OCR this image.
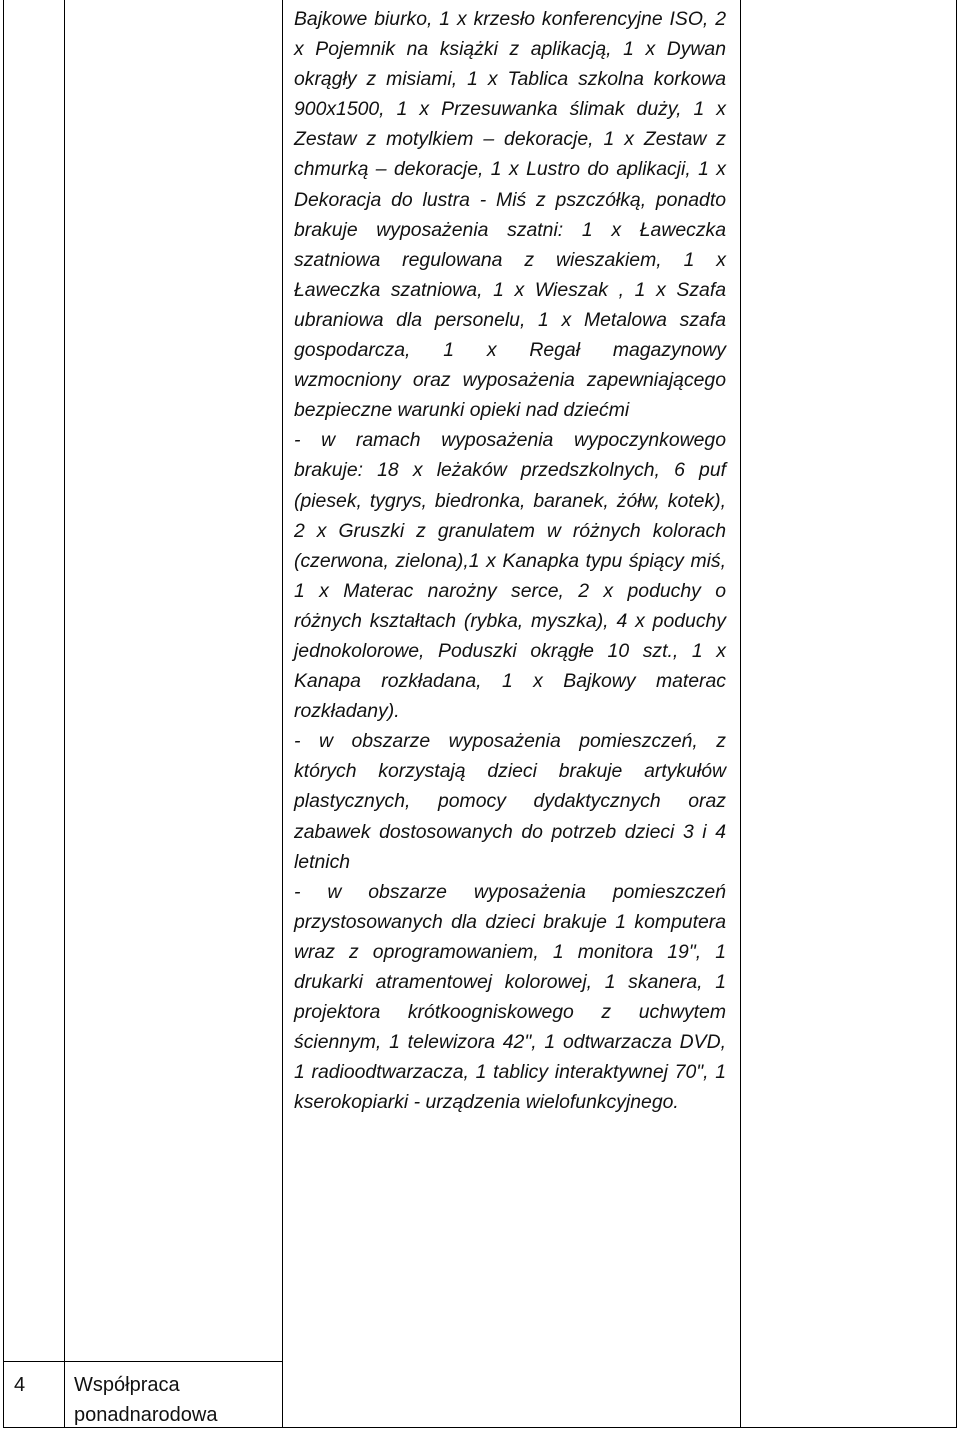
Bajkowe biurko, 1 x krzesło konferencyjne ISO, 2 x Pojemnik na książki z aplikacją, 1 x Dywan okrągły z misiami, 1 x Tablica szkolna korkowa 900x1500, 1 x Przesuwanka ślimak duży, 1 x Zestaw z motylkiem – dekoracje, 1 x Zestaw z chmurką – dekoracje, 1 x Lustro do aplikacji, 1 x Dekoracja do lustra - Miś z pszczółką, ponadto brakuje wyposażenia szatni: 1 x Ławeczka szatniowa regulowana z wieszakiem, 1 x Ławeczka szatniowa, 1 x Wieszak , 1 x Szafa ubraniowa dla personelu, 1 x Metalowa szafa gospodarcza, 1 x Regał magazynowy wzmocniony oraz wyposażenia zapewniającego bezpieczne warunki opieki nad dziećmi

- w ramach wyposażenia wypoczynkowego brakuje: 18 x leżaków przedszkolnych, 6 puf (piesek, tygrys, biedronka, baranek, żółw, kotek), 2 x Gruszki z granulatem w różnych kolorach (czerwona, zielona),1 x Kanapka typu śpiący miś, 1 x Materac narożny serce, 2 x poduchy o różnych kształtach (rybka, myszka), 4 x poduchy jednokolorowe, Poduszki okrągłe 10 szt., 1 x Kanapa rozkładana, 1 x Bajkowy materac rozkładany).

- w obszarze wyposażenia pomieszczeń, z których korzystają dzieci brakuje artykułów plastycznych, pomocy dydaktycznych oraz zabawek dostosowanych do potrzeb dzieci 3 i 4 letnich

- w obszarze wyposażenia pomieszczeń przystosowanych dla dzieci brakuje 1 komputera wraz z oprogramowaniem, 1 monitora 19", 1 drukarki atramentowej kolorowej, 1 skanera, 1 projektora krótkoogniskowego z uchwytem ściennym, 1 telewizora 42", 1 odtwarzacza DVD, 1 radioodtwarzacza, 1 tablicy interaktywnej 70", 1 kserokopiarki - urządzenia wielofunkcyjnego.

4 Współpraca
ponadnarodowa
